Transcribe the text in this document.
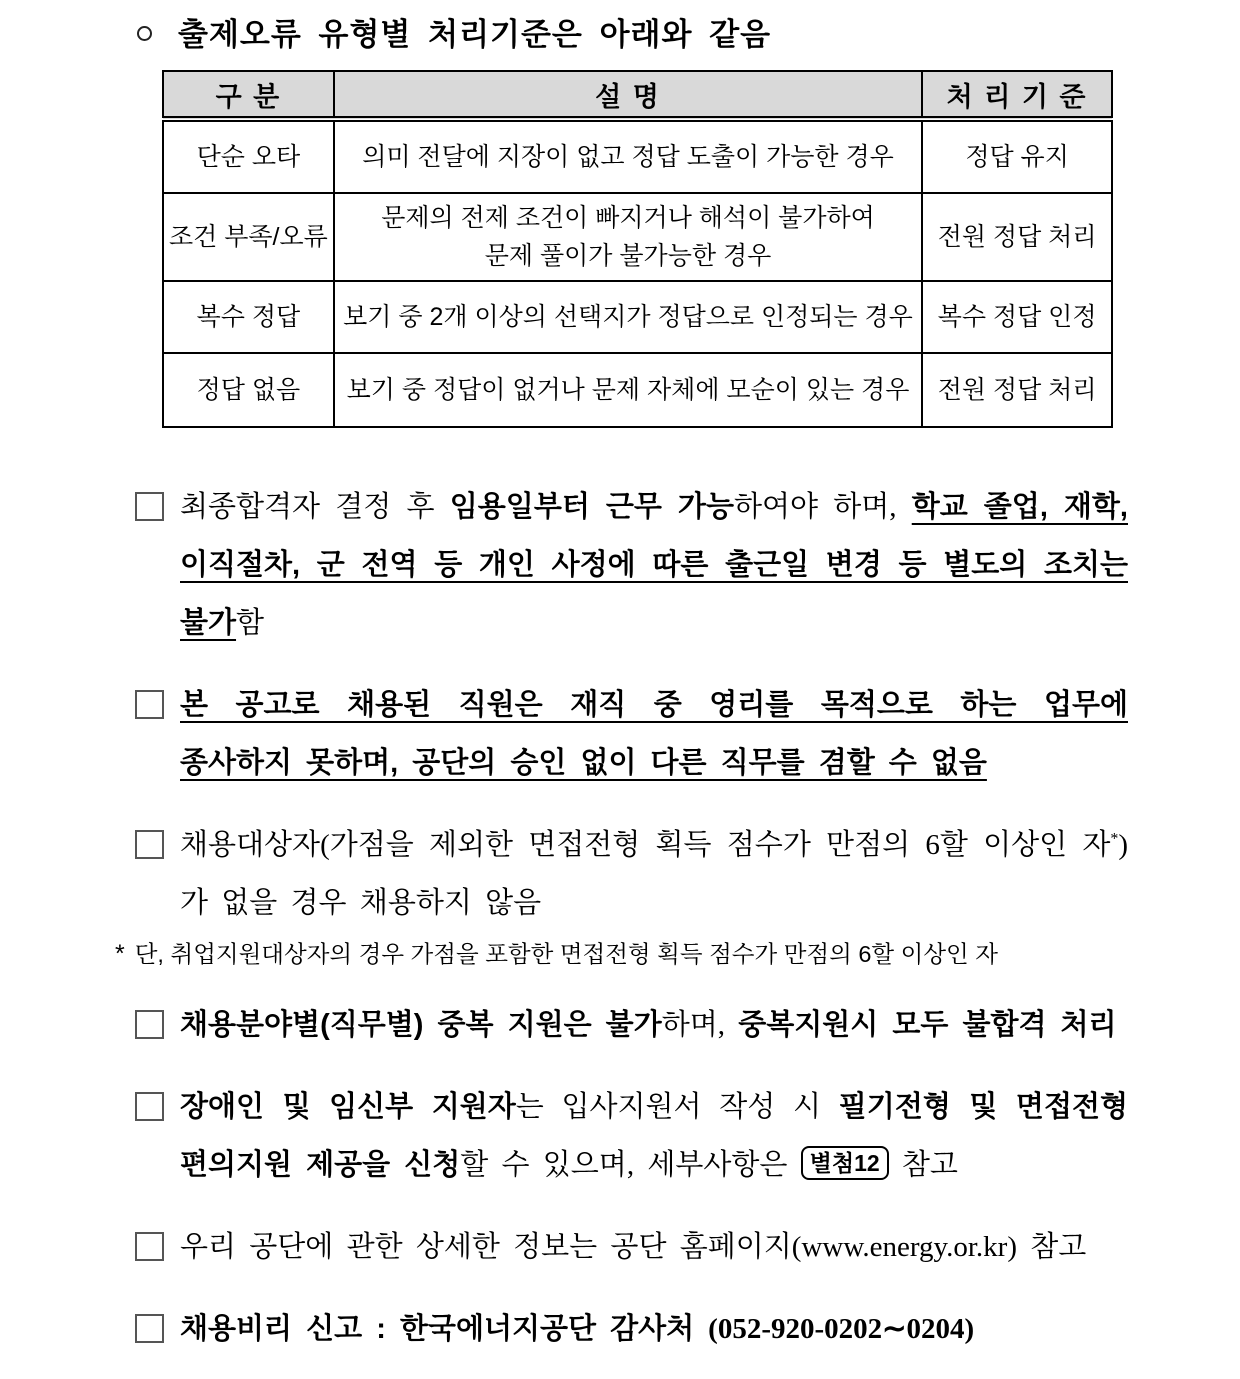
출제오류 유형별 처리기준은 아래와 같음
구 분	설 명	처 리 기 준
단순 오타	의미 전달에 지장이 없고 정답 도출이 가능한 경우	정답 유지
조건 부족/오류	문제의 전제 조건이 빠지거나 해석이 불가하여
문제 풀이가 불가능한 경우	전원 정답 처리
복수 정답	보기 중 2개 이상의 선택지가 정답으로 인정되는 경우	복수 정답 인정
정답 없음	보기 중 정답이 없거나 문제 자체에 모순이 있는 경우	전원 정답 처리
최종합격자 결정 후 임용일부터 근무 가능하여야 하며, 학교 졸업, 재학, 이직절차, 군 전역 등 개인 사정에 따른 출근일 변경 등 별도의 조치는 불가함
본 공고로 채용된 직원은 재직 중 영리를 목적으로 하는 업무에 종사하지 못하며, 공단의 승인 없이 다른 직무를 겸할 수 없음
채용대상자(가점을 제외한 면접전형 획득 점수가 만점의 6할 이상인 자*)가 없을 경우 채용하지 않음
* 단, 취업지원대상자의 경우 가점을 포함한 면접전형 획득 점수가 만점의 6할 이상인 자
채용분야별(직무별) 중복 지원은 불가하며, 중복지원시 모두 불합격 처리
장애인 및 임신부 지원자는 입사지원서 작성 시 필기전형 및 면접전형 편의지원 제공을 신청할 수 있으며, 세부사항은 별첨12 참고
우리 공단에 관한 상세한 정보는 공단 홈페이지(www.energy.or.kr) 참고
채용비리 신고 : 한국에너지공단 감사처 (052-920-0202∼0204)
